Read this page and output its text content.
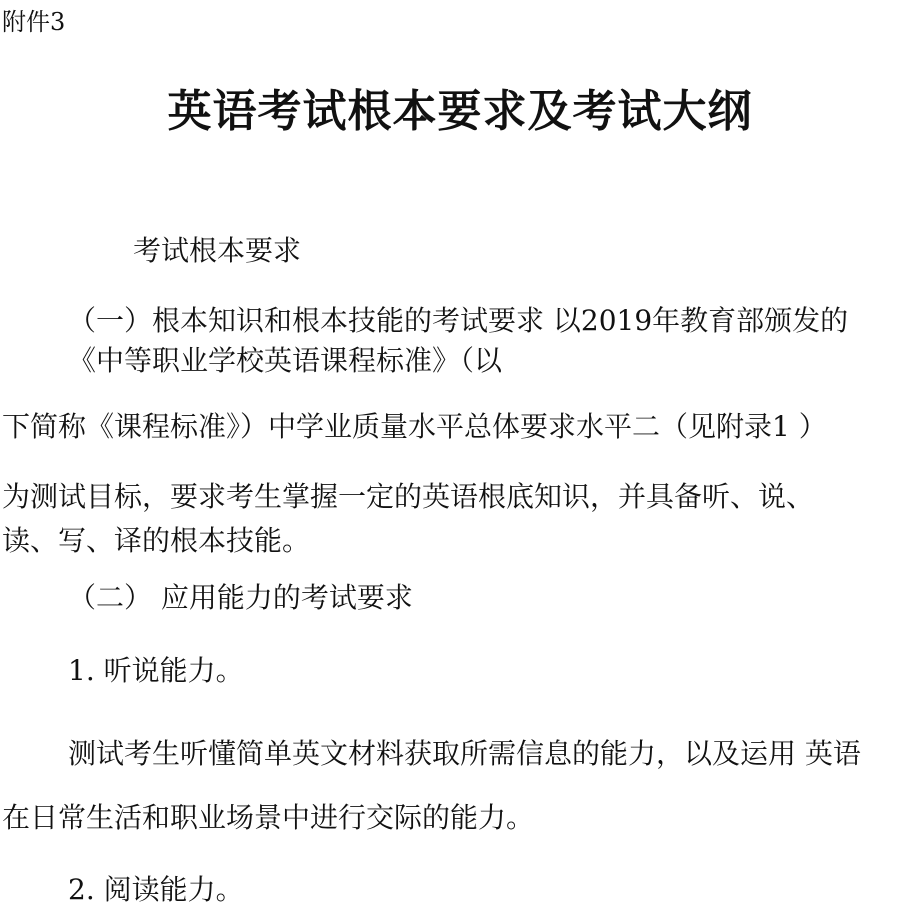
附件3

英语考试根本要求及考试大纲

考试根本要求

（一）根本知识和根本技能的考试要求 以2019年教育部颁发的

《中等职业学校英语课程标准》（以

下简称《课程标准》）中学业质量水平总体要求水平二（见附录1 ）

为测试目标，要求考生掌握一定的英语根底知识，并具备听、说、

读、写、译的根本技能。

（二） 应用能力的考试要求

1. 听说能力。

测试考生听懂简单英文材料获取所需信息的能力，以及运用 英语

在日常生活和职业场景中进行交际的能力。

2. 阅读能力。
